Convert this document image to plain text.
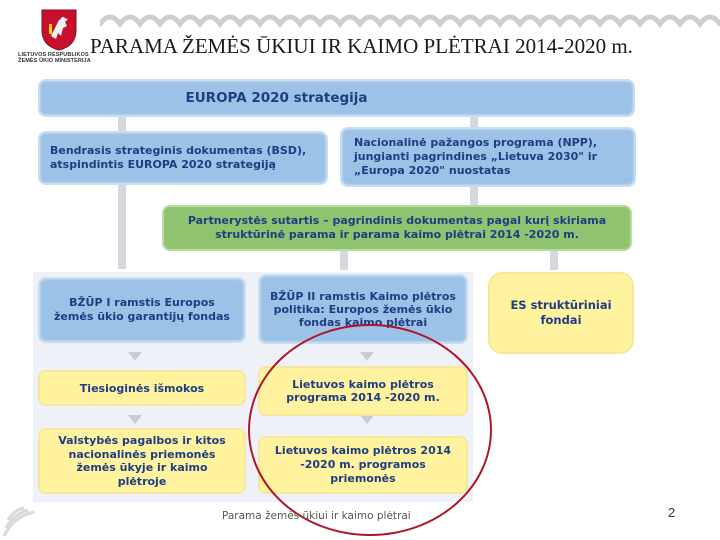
LIETUVOS RESPUBLIKOS ŽEMĖS ŪKIO MINISTERIJA
PARAMA ŽEMĖS ŪKIUI IR KAIMO PLĖTRAI 2014-2020 m.
EUROPA 2020 strategija
Bendrasis strateginis dokumentas (BSD), atspindintis EUROPA 2020 strategiją
Nacionalinė pažangos programa (NPP), jungianti pagrindines „Lietuva 2030" ir „Europa 2020" nuostatas
Partnerystės sutartis – pagrindinis dokumentas pagal kurį skiriama struktūrinė parama ir parama kaimo plėtrai 2014 -2020 m.
BŽŪP I ramstis Europos žemės ūkio garantijų fondas
BŽŪP II ramstis Kaimo plėtros politika: Europos žemės ūkio fondas kaimo plėtrai
ES struktūriniai fondai
Tiesioginės išmokos	Lietuvos kaimo plėtros programa 2014 -2020 m.
Valstybės pagalbos ir kitos nacionalinės priemonės žemės ūkyje ir kaimo plėtroje
Lietuvos kaimo plėtros 2014 -2020 m. programos priemonės
Parama žemės ūkiui ir kaimo plėtrai	2
